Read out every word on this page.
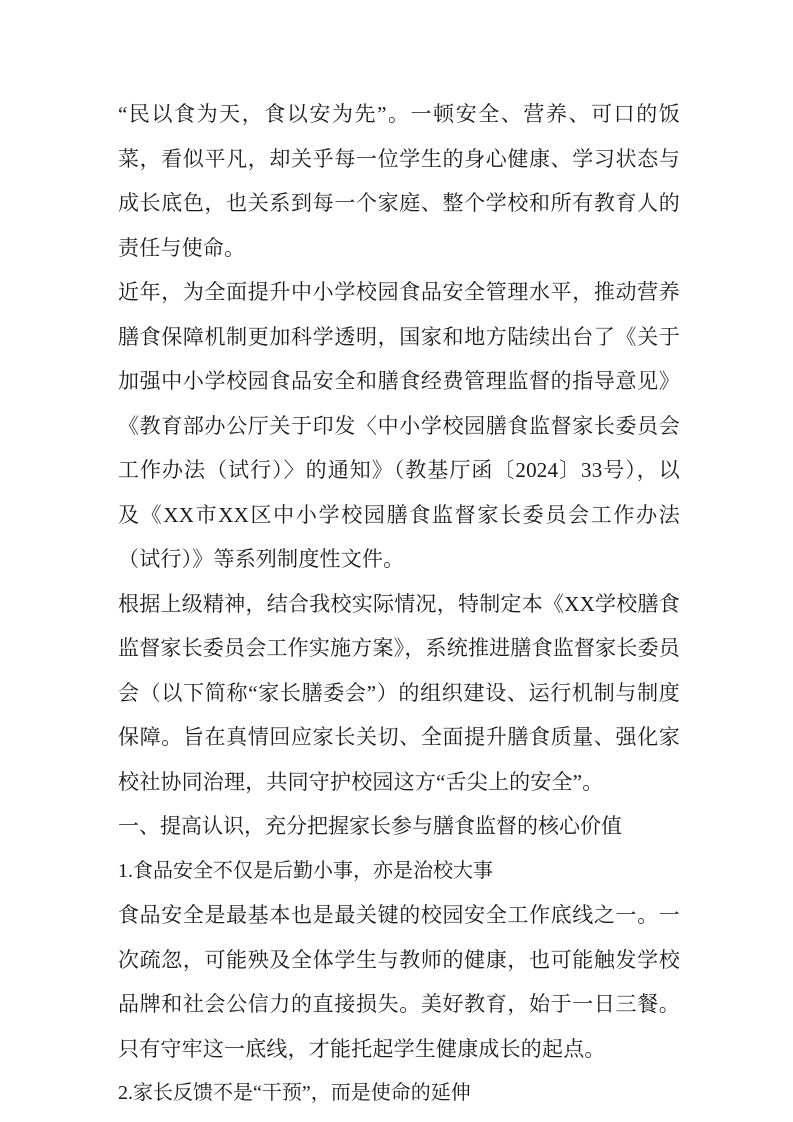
“民以食为天，食以安为先”。一顿安全、营养、可口的饭菜，看似平凡，却关乎每一位学生的身心健康、学习状态与成长底色，也关系到每一个家庭、整个学校和所有教育人的责任与使命。

近年，为全面提升中小学校园食品安全管理水平，推动营养膳食保障机制更加科学透明，国家和地方陆续出台了《关于加强中小学校园食品安全和膳食经费管理监督的指导意见》《教育部办公厅关于印发〈中小学校园膳食监督家长委员会工作办法（试行）〉的通知》（教基厅函〔2024〕33号），以及《XX市XX区中小学校园膳食监督家长委员会工作办法（试行）》等系列制度性文件。

根据上级精神，结合我校实际情况，特制定本《XX学校膳食监督家长委员会工作实施方案》，系统推进膳食监督家长委员会（以下简称“家长膳委会”）的组织建设、运行机制与制度保障。旨在真情回应家长关切、全面提升膳食质量、强化家校社协同治理，共同守护校园这方“舌尖上的安全”。

一、提高认识，充分把握家长参与膳食监督的核心价值
1.食品安全不仅是后勤小事，亦是治校大事

食品安全是最基本也是最关键的校园安全工作底线之一。一次疏忽，可能殃及全体学生与教师的健康，也可能触发学校品牌和社会公信力的直接损失。美好教育，始于一日三餐。只有守牢这一底线，才能托起学生健康成长的起点。

2.家长反馈不是“干预”，而是使命的延伸
